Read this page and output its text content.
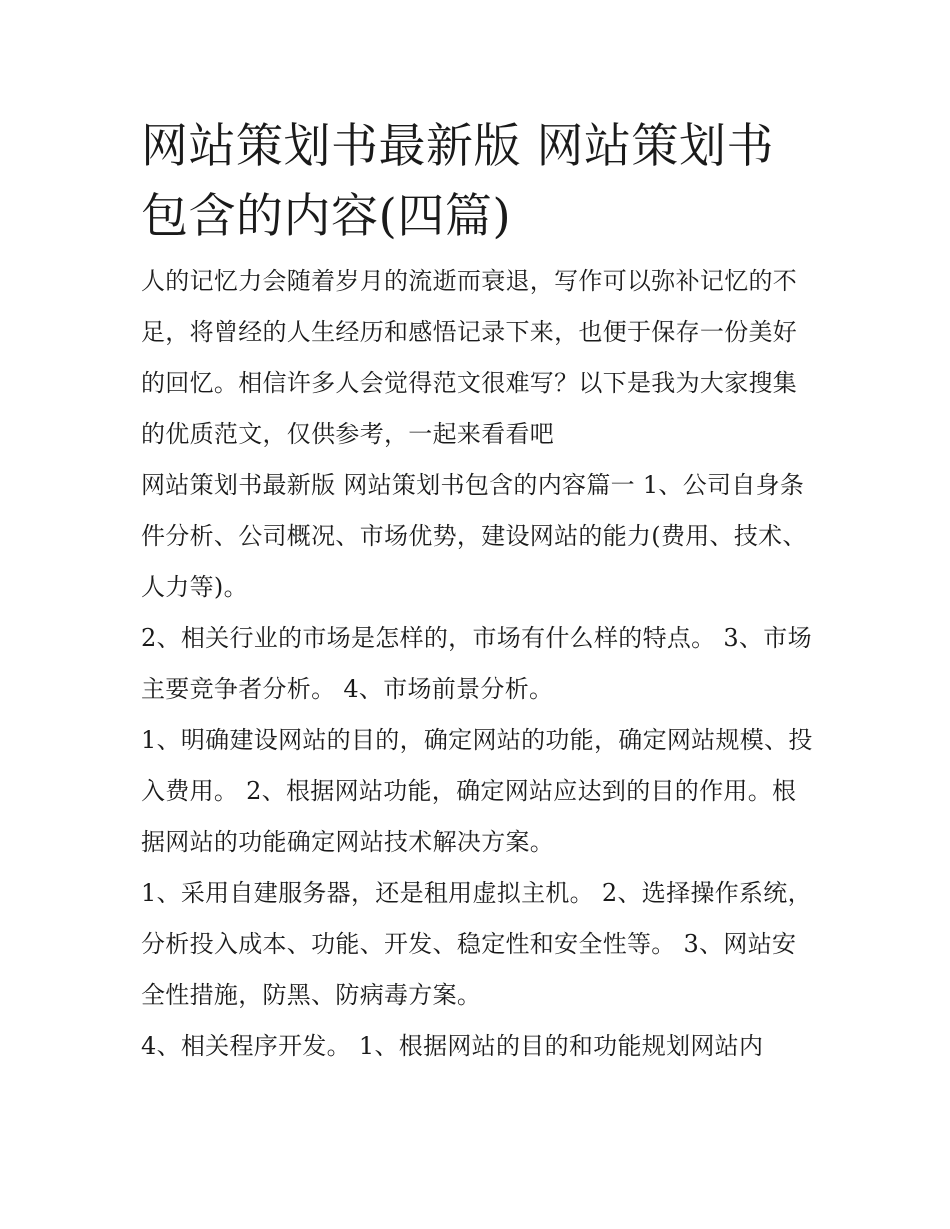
网站策划书最新版 网站策划书包含的内容(四篇)

人的记忆力会随着岁月的流逝而衰退，写作可以弥补记忆的不足，将曾经的人生经历和感悟记录下来，也便于保存一份美好的回忆。相信许多人会觉得范文很难写？以下是我为大家搜集的优质范文，仅供参考，一起来看看吧

网站策划书最新版 网站策划书包含的内容篇一 1、公司自身条件分析、公司概况、市场优势，建设网站的能力(费用、技术、人力等)。

2、相关行业的市场是怎样的，市场有什么样的特点。 3、市场主要竞争者分析。 4、市场前景分析。

1、明确建设网站的目的，确定网站的功能，确定网站规模、投入费用。 2、根据网站功能，确定网站应达到的目的作用。根据网站的功能确定网站技术解决方案。

1、采用自建服务器，还是租用虚拟主机。 2、选择操作系统，分析投入成本、功能、开发、稳定性和安全性等。 3、网站安全性措施，防黑、防病毒方案。

4、相关程序开发。 1、根据网站的目的和功能规划网站内
